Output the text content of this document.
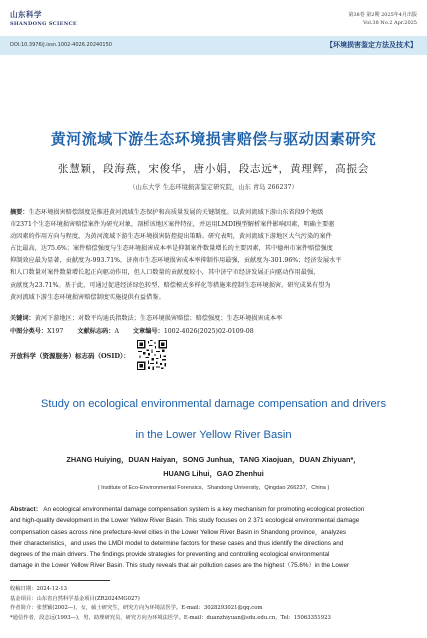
山东科学
SHANDONG SCIENCE
第38卷 第2期 2025年4月出版
Vol.38 No.2 Apr.2025
DOI:10.3976/j.issn.1002-4026.20240150	【环境损害鉴定方法及技术】
黄河流域下游生态环境损害赔偿与驱动因素研究
张慧颖，段海燕，宋俊华，唐小娟，段志远*，黄理辉，高振会
（山东大学 生态环境损害鉴定研究院，山东 青岛 266237）
摘要：生态环境损害赔偿制度是推进黄河流域生态保护和高质量发展的关键制度。以黄河流域下游山东省段9个地级
市2371个生态环境损害赔偿案件为研究对象，剖析该地区案件特征，并运用LMDI模型解析案件影响因素，明确主要驱
动因素的作用方向与程度，为黄河流域下游生态环境损害防控提出策略。研究表明，黄河流域下游地区大气污染的案件
占比最高，达75.6%；案件赔偿强度与生态环境损害成本率是抑制案件数量增长的主要因素，其中德州市案件赔偿强度
抑制效应最为显著，贡献度为-993.71%，济南市生态环境损害成本率抑制作用最强，贡献度为-301.96%；经济发展水平
和人口数量对案件数量增长起正向驱动作用，但人口数量的贡献度较小，其中济宁市经济发展正向驱动作用最强，
贡献度为23.71%。基于此，可通过促进经济绿色转型、赔偿模式多样化等措施来控制生态环境损害。研究成果有望为
黄河流域下游生态环境损害赔偿制度实施提供有益借鉴。
关键词：黄河下游地区；对数平均迪氏指数法；生态环境损害赔偿；赔偿强度；生态环境损害成本率
中图分类号：X197 文献标志码：A 文章编号：1002-4026(2025)02-0109-08
开放科学（资源服务）标志码（OSID）：
Study on ecological environmental damage compensation and drivers
in the Lower Yellow River Basin
ZHANG Huiying，DUAN Haiyan，SONG Junhua，TANG Xiaojuan，DUAN Zhiyuan*，
HUANG Lihui，GAO Zhenhui
( Institute of Eco-Environmental Forensics，Shandong University，Qingdao 266237，China )
Abstract： An ecological environmental damage compensation system is a key mechanism for promoting ecological protection
and high-quality development in the Lower Yellow River Basin. This study focuses on 2 371 ecological environmental damage
compensation cases across nine prefecture-level cities in the Lower Yellow River Basin in Shandong province，analyzes
their characteristics，and uses the LMDI model to determine factors for these cases and thus identify the directions and
degrees of the main drivers. The findings provide strategies for preventing and controlling ecological environmental
damage in the Lower Yellow River Basin. This study reveals that air pollution cases are the highest（75.6%）in the Lower
收稿日期：2024-12-13
基金项目：山东省自然科学基金项目(ZR2024MG027)
作者简介：张慧颖(2002—)，女，硕士研究生，研究方向为环境法医学。E-mail：3028293021@qq.com
*通信作者，段志远(1993—)，男，助理研究员，研究方向为环境法医学。E-mail：duanzhiyuan@sdu.edu.cn，Tel：15063351923
